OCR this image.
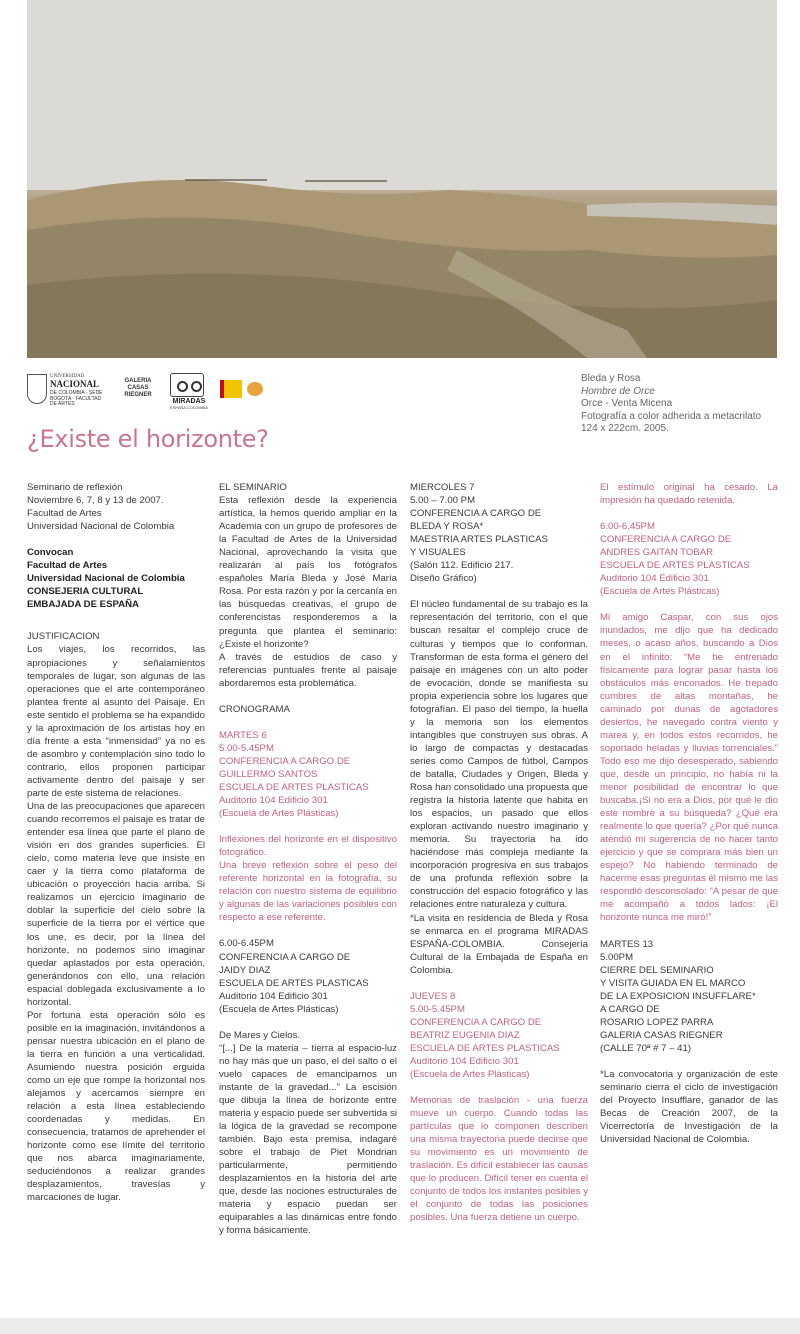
UNIVERSIDAD
NACIONAL
DE COLOMBIA · SEDE BOGOTÁ · FACULTAD DE ARTES
GALERIA CASAS RIEGNER
MIRADAS
ESPAÑA COLOMBIA
Bleda y Rosa
Hombre de Orce
Orce - Venta Micena
Fotografía a color adherida a metacrilato
124 x 222cm. 2005.
¿Existe el horizonte?
Seminario de reflexión
Noviembre 6, 7, 8 y 13 de 2007.
Facultad de Artes
Universidad Nacional de Colombia
Convocan
Facultad de Artes
Universidad Nacional de Colombia
CONSEJERIA CULTURAL
EMBAJADA DE ESPAÑA
JUSTIFICACION

Los viajes, los recorridos, las apropiaciones y señalamientos temporales de lugar, son algunas de las operaciones que el arte contemporáneo plantea frente al asunto del Paisaje. En este sentido el problema se ha expandido y la aproximación de los artistas hoy en día frente a esta “inmensidad” ya no es de asombro y contemplación sino todo lo contrario, ellos proponen participar activamente dentro del paisaje y ser parte de este sistema de relaciones.

Una de las preocupaciones que aparecen cuando recorremos el paisaje es tratar de entender esa línea que parte el plano de visión en dos grandes superficies. El cielo, como materia leve que insiste en caer y la tierra como plataforma de ubicación o proyección hacia arriba. Si realizamos un ejercicio imaginario de doblar la superficie del cielo sobre la superficie de la tierra por el vértice que los une, es decir, por la línea del horizonte, no podemos sino imaginar quedar aplastados por esta operación, generándonos con ello, una relación espacial doblegada exclusivamente a lo horizontal.

Por fortuna esta operación sólo es posible en la imaginación, invitándonos a pensar nuestra ubicación en el plano de la tierra en función a una verticalidad. Asumiendo nuestra posición erguida como un eje que rompe la horizontal nos alejamos y acercamos siempre en relación a esta línea estableciendo coordenadas y medidas. En consecuencia, tratamos de aprehender el horizonte como ese límite del territorio que nos abarca imaginariamente, seduciéndonos a realizar grandes desplazamientos, travesías y marcaciones de lugar.

EL SEMINARIO

Esta reflexión desde la experiencia artística, la hemos querido ampliar en la Academia con un grupo de profesores de la Facultad de Artes de la Universidad Nacional, aprovechando la visita que realizarán al país los fotógrafos españoles María Bleda y José María Rosa. Por esta razón y por la cercanía en las búsquedas creativas, el grupo de conferencistas responderemos a la pregunta que plantea el seminario: ¿Existe el horizonte?

A través de estudios de caso y referencias puntuales frente al paisaje abordaremos esta problemática.

CRONOGRAMA
MARTES 6
5.00-5.45PM
CONFERENCIA A CARGO DE
GUILLERMO SANTOS
ESCUELA DE ARTES PLASTICAS
Auditorio 104 Edificio 301
(Escuela de Artes Plásticas)

Inflexiones del horizonte en el dispositivo fotográfico.

Una breve reflexión sobre el peso del referente horizontal en la fotografía, su relación con nuestro sistema de equilibrio y algunas de las variaciones posibles con respecto a ese referente.

6.00-6.45PM
CONFERENCIA A CARGO DE
JAIDY DIAZ
ESCUELA DE ARTES PLASTICAS
Auditorio 104 Edificio 301
(Escuela de Artes Plásticas)
De Mares y Cielos.

“[...] De la materia – tierra al espacio-luz no hay más que un paso, el del salto o el vuelo capaces de emanciparnos un instante de la gravedad...” La escisión que dibuja la línea de horizonte entre materia y espacio puede ser subvertida si la lógica de la gravedad se recompone también. Bajo esta premisa, indagaré sobre el trabajo de Piet Mondrian particularmente, permitiendo desplazamientos en la historia del arte que, desde las nociones estructurales de materia y espacio puedan ser equiparables a las dinámicas entre fondo y forma básicamente.

MIERCOLES 7
5.00 – 7.00 PM
CONFERENCIA A CARGO DE
BLEDA Y ROSA*
MAESTRIA ARTES PLASTICAS
Y VISUALES
(Salón 112. Edificio 217.
Diseño Gráfico)

El núcleo fundamental de su trabajo es la representación del territorio, con el que buscan resaltar el complejo cruce de culturas y tiempos que lo conforman. Transforman de esta forma el género del paisaje en imágenes con un alto poder de evocación, donde se manifiesta su propia experiencia sobre los lugares que fotografían. El paso del tiempo, la huella y la memoria son los elementos intangibles que construyen sus obras. A lo largo de compactas y destacadas series como Campos de fútbol, Campos de batalla, Ciudades y Origen, Bleda y Rosa han consolidado una propuesta que registra la historia latente que habita en los espacios, un pasado que ellos exploran activando nuestro imaginario y memoria. Su trayectoria ha ido haciéndose más compleja mediante la incorporación progresiva en sus trabajos de una profunda reflexión sobre la construcción del espacio fotográfico y las relaciones entre naturaleza y cultura.

*La visita en residencia de Bleda y Rosa se enmarca en el programa MIRADAS ESPAÑA-COLOMBIA. Consejería Cultural de la Embajada de España en Colombia.

JUEVES 8
5.00-5.45PM
CONFERENCIA A CARGO DE
BEATRIZ EUGENIA DIAZ
ESCUELA DE ARTES PLASTICAS
Auditorio 104 Edificio 301
(Escuela de Artes Plásticas)

Memorias de traslación - una fuerza mueve un cuerpo. Cuando todas las partículas que lo componen describen una misma trayectoria puede decirse que su movimiento es un movimiento de traslación. Es difícil establecer las causas que lo producen. Difícil tener en cuenta el conjunto de todos los instantes posibles y el conjunto de todas las posiciones posibles. Una fuerza detiene un cuerpo.

El estímulo original ha cesado. La impresión ha quedado retenida.

6.00-6.45PM
CONFERENCIA A CARGO DE
ANDRES GAITAN TOBAR
ESCUELA DE ARTES PLASTICAS
Auditorio 104 Edificio 301
(Escuela de Artes Plásticas)

Mi amigo Caspar, con sus ojos inundados, me dijo que ha dedicado meses, o acaso años, buscando a Dios en el infinito: “Me he entrenado físicamente para lograr pasar hasta los obstáculos más enconados. He trepado cumbres de altas montañas, he caminado por dunas de agotadores desiertos, he navegado contra viento y marea y, en todos estos recorridos, he soportado heladas y lluvias torrenciales.” Todo eso me dijo desesperado, sabiendo que, desde un principio, no había ni la menor posibilidad de encontrar lo que buscaba.¡Si no era a Dios, por qué le dio este nombre a su búsqueda? ¿Qué era realmente lo que quería? ¿Por qué nunca atendió mi sugerencia de no hacer tanto ejercicio y que se comprara más bien un espejo? No habiendo terminado de hacerme esas preguntas él mismo me las respondió desconsolado: “A pesar de que me acompañó a todos lados: ¡El horizonte nunca me miró!”

MARTES 13
5.00PM
CIERRE DEL SEMINARIO
Y VISITA GUIADA EN EL MARCO
DE LA EXPOSICION INSUFFLARE*
A CARGO DE
ROSARIO LOPEZ PARRA
GALERIA CASAS RIEGNER
(CALLE 70ª # 7 – 41)

*La convocatoria y organización de este seminario cierra el ciclo de investigación del Proyecto Insufflare, ganador de las Becas de Creación 2007, de la Vicerrectoría de Investigación de la Universidad Nacional de Colombia.
